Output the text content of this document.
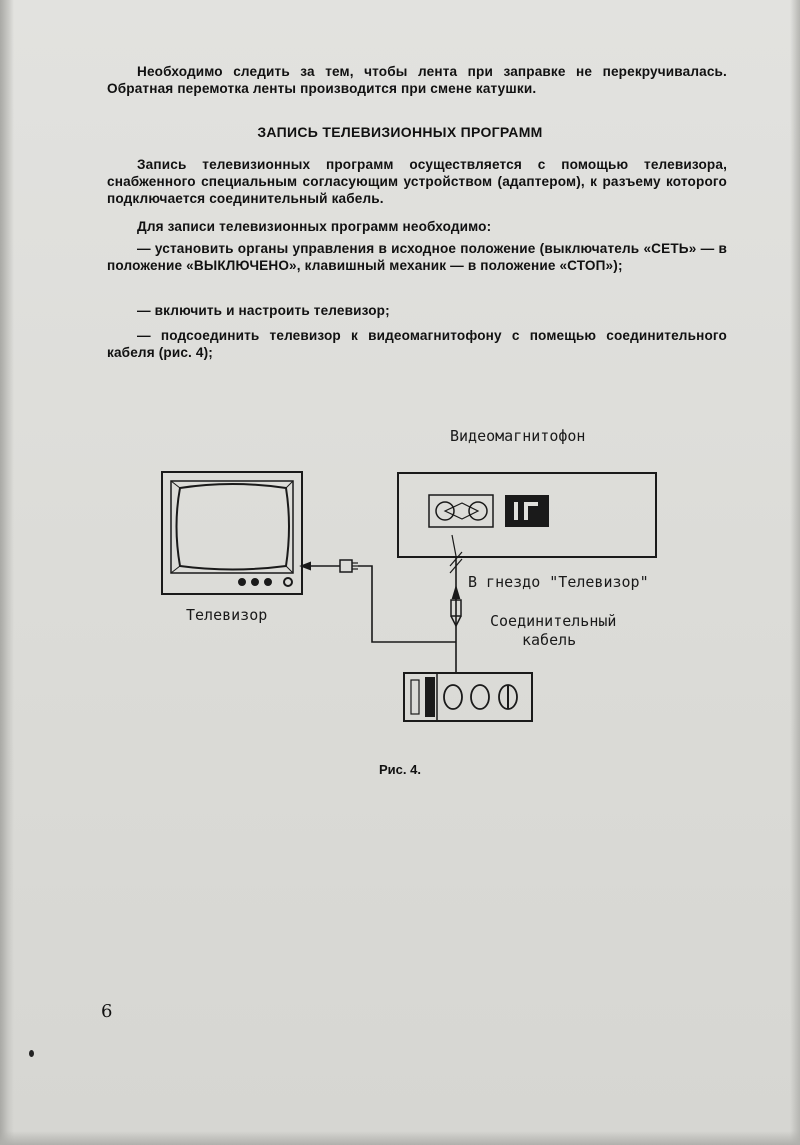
Необходимо следить за тем, чтобы лента при заправке не перекручивалась. Обратная перемотка ленты производится при смене катушки.

ЗАПИСЬ ТЕЛЕВИЗИОННЫХ ПРОГРАММ

Запись телевизионных программ осуществляется с помощью телевизора, снабженного специальным согласующим устройством (адаптером), к разъему которого подключается соединительный кабель.

Для записи телевизионных программ необходимо:

— установить органы управления в исходное положение (выключатель «СЕТЬ» — в положение «ВЫКЛЮЧЕНО», клавишный механик — в положение «СТОП»);

— включить и настроить телевизор;

— подсоединить телевизор к видеомагнитофону с помещью соединительного кабеля (рис. 4);

Видеомагнитофон
Телевизор
В гнездо "Телевизор"
Соединительный
кабель

Рис. 4.

6
